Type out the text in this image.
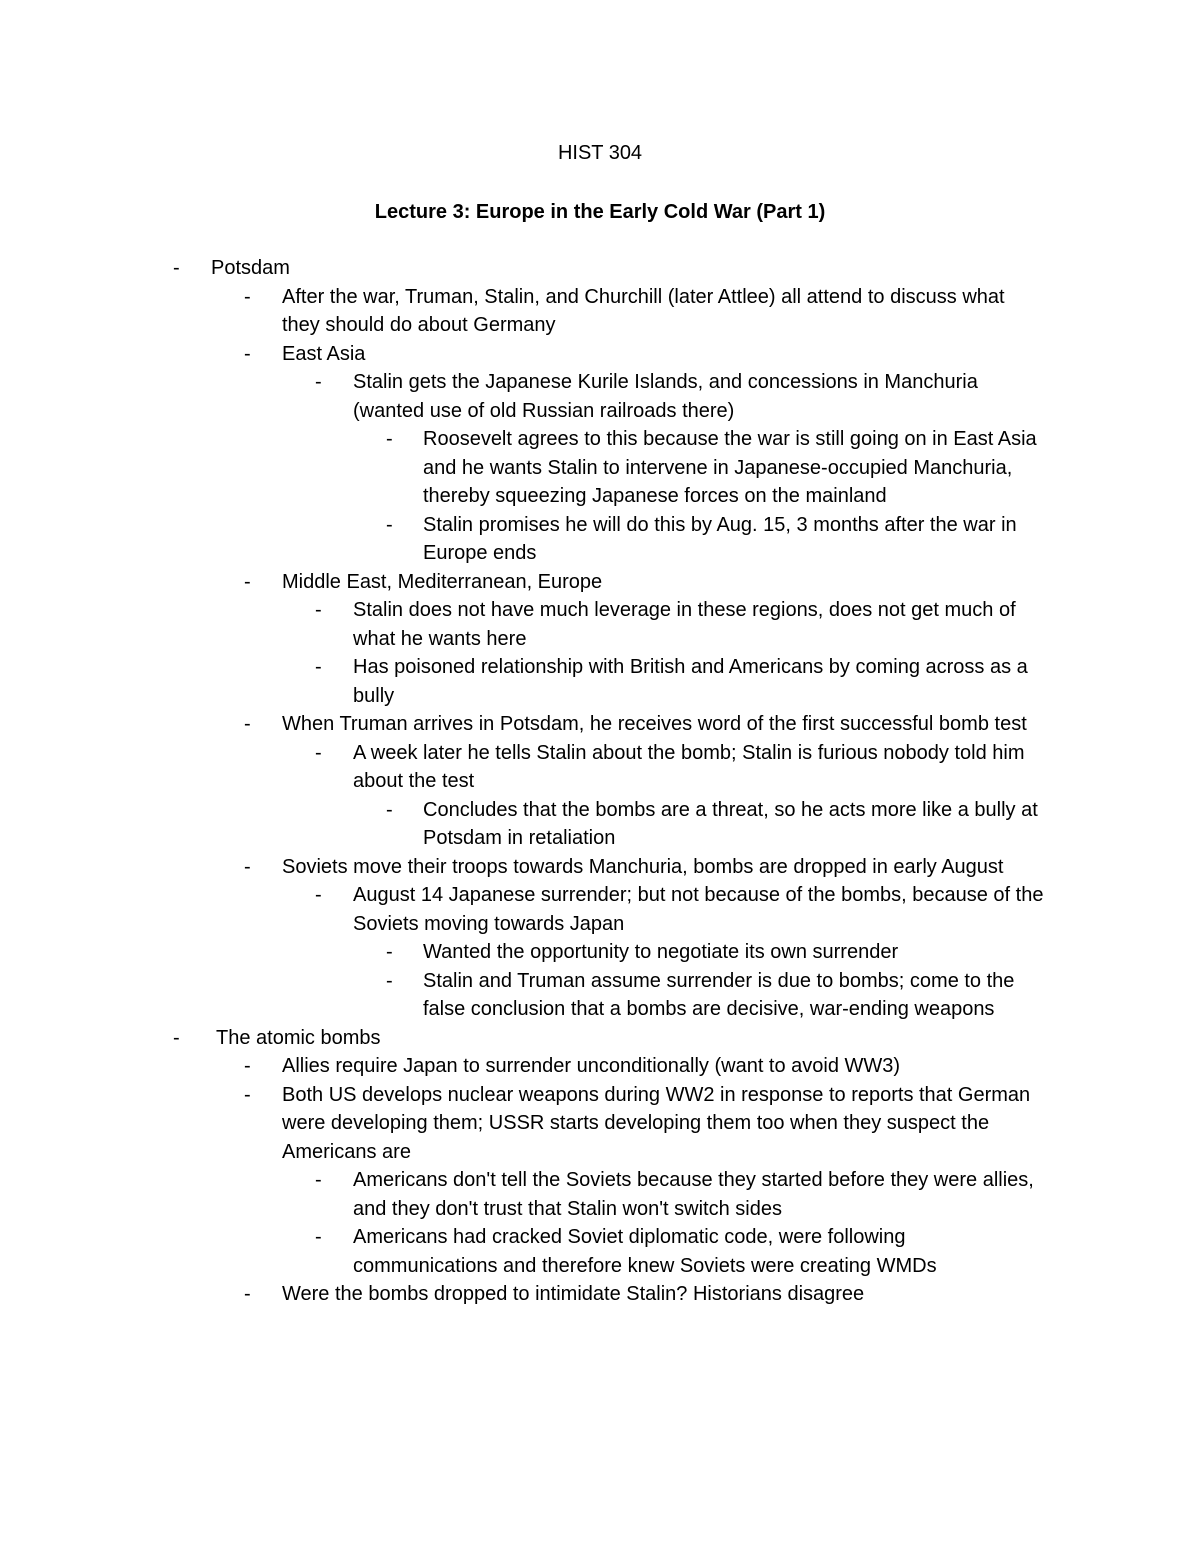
HIST 304
Lecture 3: Europe in the Early Cold War (Part 1)
- Potsdam
- After the war, Truman, Stalin, and Churchill (later Attlee) all attend to discuss what they should do about Germany
- East Asia
- Stalin gets the Japanese Kurile Islands, and concessions in Manchuria (wanted use of old Russian railroads there)
- Roosevelt agrees to this because the war is still going on in East Asia and he wants Stalin to intervene in Japanese-occupied Manchuria, thereby squeezing Japanese forces on the mainland
- Stalin promises he will do this by Aug. 15, 3 months after the war in Europe ends
- Middle East, Mediterranean, Europe
- Stalin does not have much leverage in these regions, does not get much of what he wants here
- Has poisoned relationship with British and Americans by coming across as a bully
- When Truman arrives in Potsdam, he receives word of the first successful bomb test
- A week later he tells Stalin about the bomb; Stalin is furious nobody told him about the test
- Concludes that the bombs are a threat, so he acts more like a bully at Potsdam in retaliation
- Soviets move their troops towards Manchuria, bombs are dropped in early August
- August 14 Japanese surrender; but not because of the bombs, because of the Soviets moving towards Japan
- Wanted the opportunity to negotiate its own surrender
- Stalin and Truman assume surrender is due to bombs; come to the false conclusion that a bombs are decisive, war-ending weapons
- The atomic bombs
- Allies require Japan to surrender unconditionally (want to avoid WW3)
- Both US develops nuclear weapons during WW2 in response to reports that German were developing them; USSR starts developing them too when they suspect the Americans are
- Americans don't tell the Soviets because they started before they were allies, and they don't trust that Stalin won't switch sides
- Americans had cracked Soviet diplomatic code, were following communications and therefore knew Soviets were creating WMDs
- Were the bombs dropped to intimidate Stalin? Historians disagree
